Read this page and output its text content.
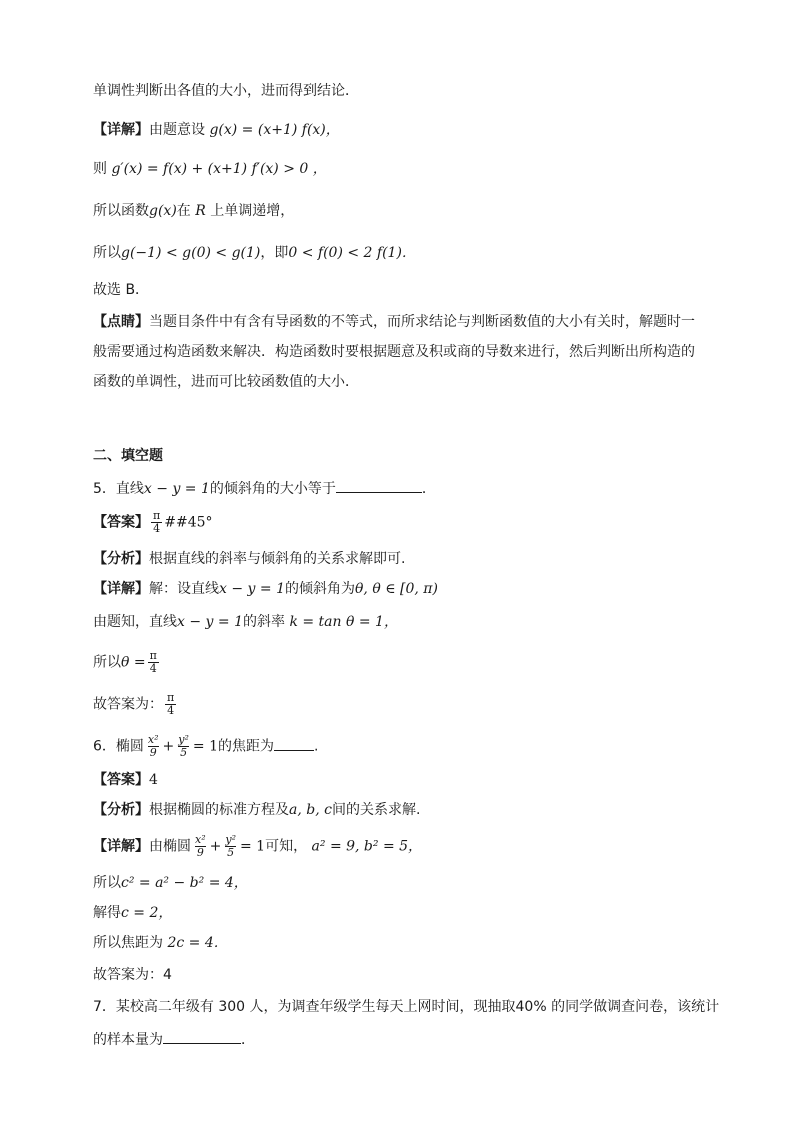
单调性判断出各值的大小，进而得到结论．
【详解】由题意设 g(x) = (x+1) f(x)，
则 g′(x) = f(x) + (x+1) f′(x) > 0 ，
所以函数g(x)在 R 上单调递增，
所以g(−1) < g(0) < g(1)，即0 < f(0) < 2 f(1)．
故选 B．
【点睛】当题目条件中有含有导函数的不等式，而所求结论与判断函数值的大小有关时，解题时一
般需要通过构造函数来解决．构造函数时要根据题意及积或商的导数来进行，然后判断出所构造的
函数的单调性，进而可比较函数值的大小．
二、填空题
5．直线x − y = 1的倾斜角的大小等于	．
【答案】 $\frac{\pi}{4}$ ##45°
【分析】根据直线的斜率与倾斜角的关系求解即可.
【详解】解：设直线x − y = 1的倾斜角为θ, θ ∈ [0, π)
由题知，直线x − y = 1的斜率 k = tan θ = 1，
所以$\theta = \frac{\pi}{4}$
故答案为： $\frac{\pi}{4}$
6．椭圆 $\frac{\text{x²}}{9} + \frac{\text{y²}}{5} = 1$的焦距为	.
【答案】4
【分析】根据椭圆的标准方程及a, b, c间的关系求解.
【详解】由椭圆 $\frac{\text{x²}}{9} + \frac{\text{y²}}{5} = 1$可知， a² = 9, b² = 5，
所以c² = a² − b² = 4，
解得c = 2，
所以焦距为 2c = 4．
故答案为：4
7．某校高二年级有 300 人，为调查年级学生每天上网时间，现抽取40% 的同学做调查问卷，该统计
的样本量为	．
